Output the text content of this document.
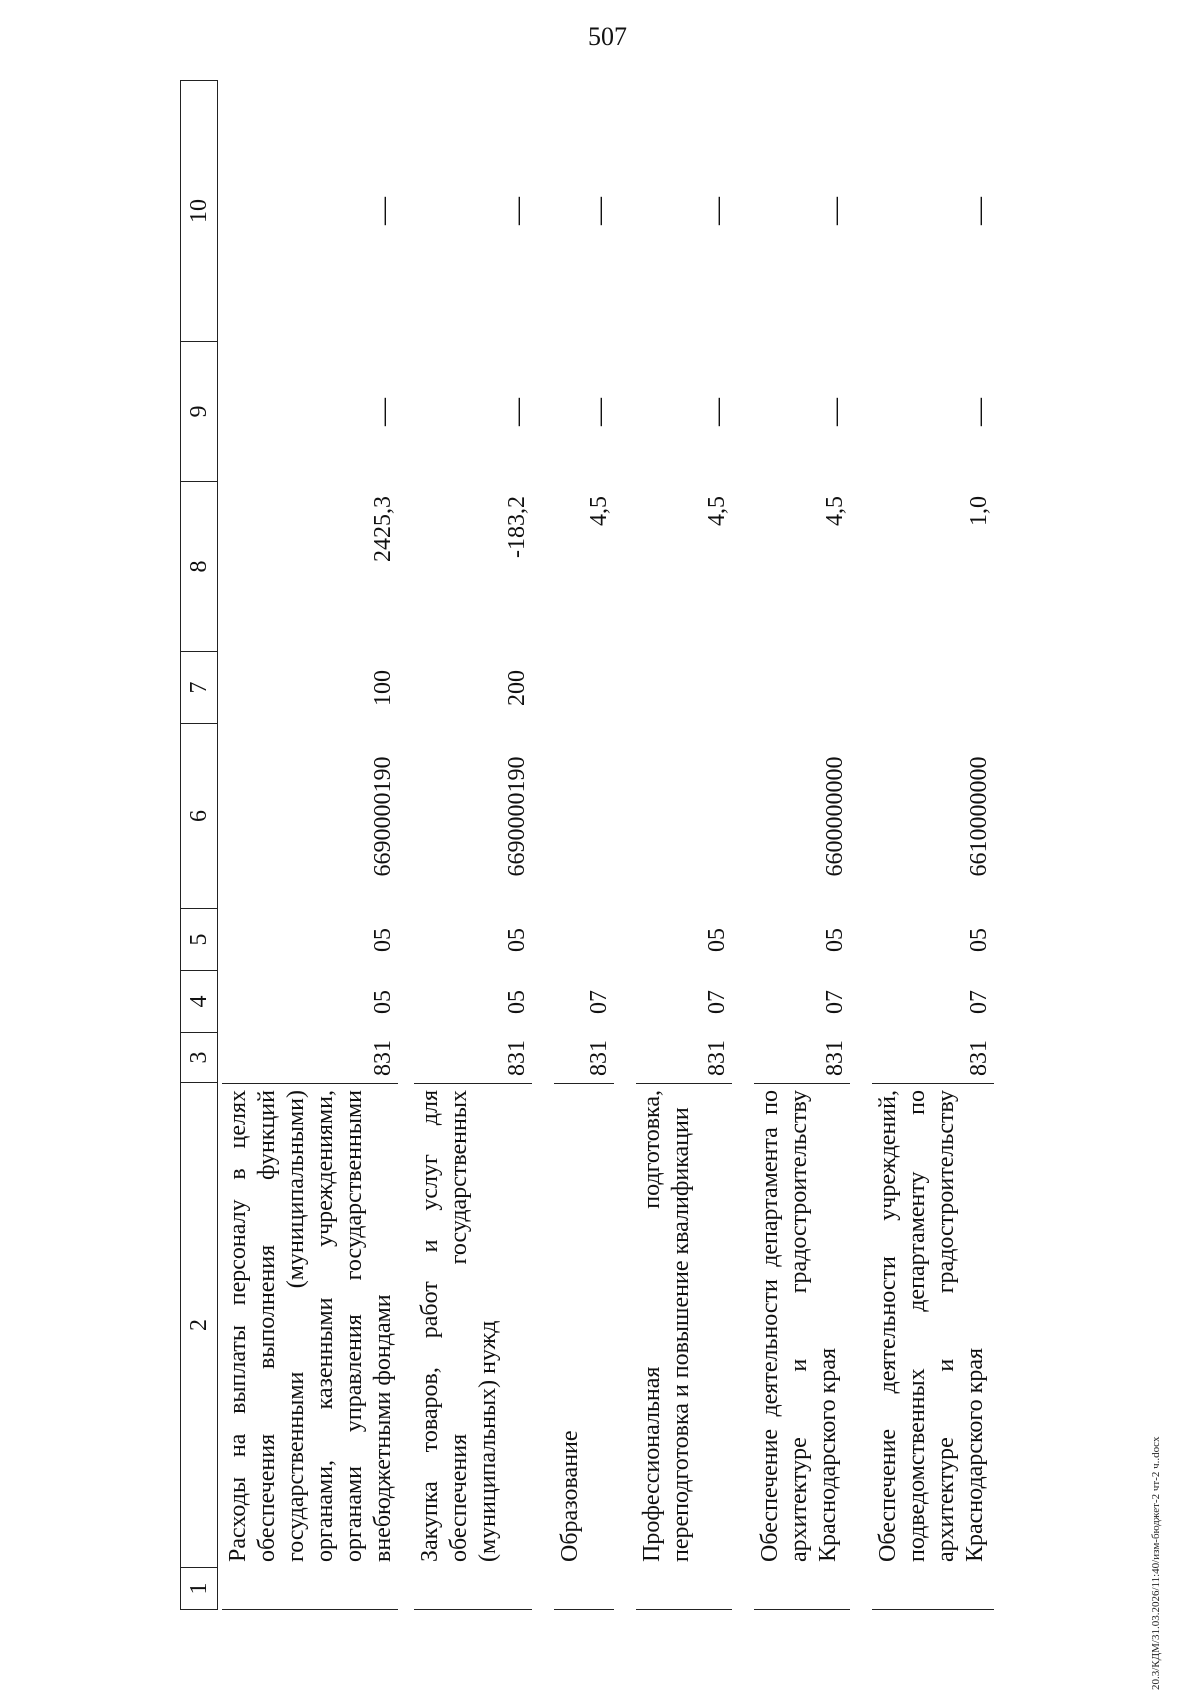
507
1
2
3
4
5
6
7
8
9
10
Расходы на выплаты персоналу в целях обеспечения выполнения функций государственными (муниципальными) органами, казенными учреждениями, органами управления государственными внебюджетными фондами
831
05
05
6690000190
100
2425,3
—
—
Закупка товаров, работ и услуг для обеспечения государственных (муниципальных) нужд
831
05
05
6690000190
200
-183,2
—
—
Образование
831
07
4,5
—
—
Профессиональная подготовка, переподготовка и повышение квалификации
831
07
05
4,5
—
—
Обеспечение деятельности департамента по архитектуре и градостроительству Краснодарского края
831
07
05
6600000000
4,5
—
—
Обеспечение деятельности учреждений, подведомственных департаменту по архитектуре и градостроительству Краснодарского края
831
07
05
6610000000
1,0
—
—
20.3/КДМ/31.03.2026/11:40/изм-бюджет-2 чт-2 ч..docx
